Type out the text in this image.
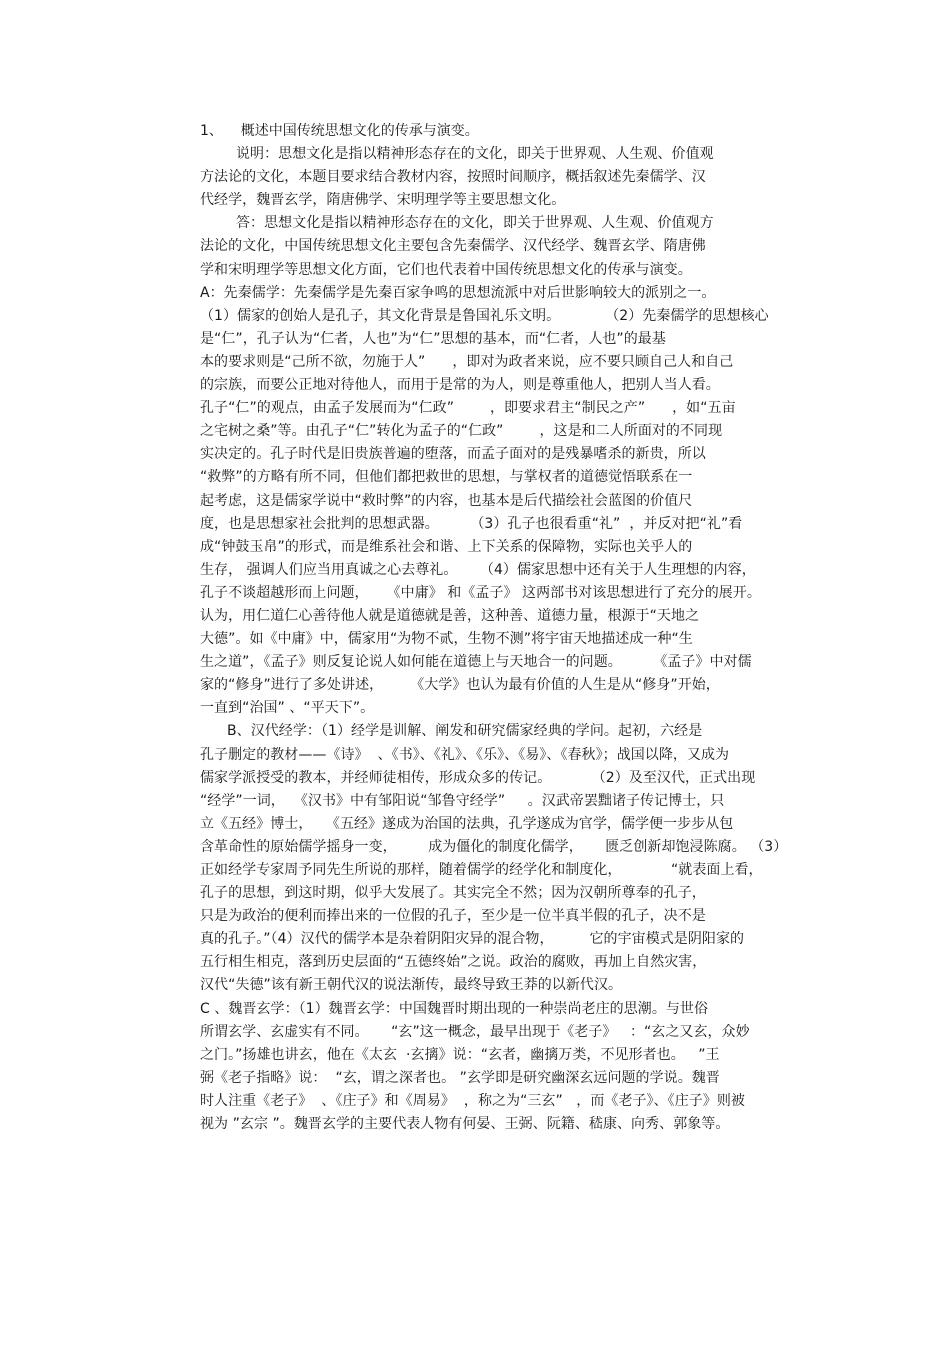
1、    概述中国传统思想文化的传承与演变。
说明：思想文化是指以精神形态存在的文化，即关于世界观、人生观、价值观
方法论的文化，本题目要求结合教材内容，按照时间顺序，概括叙述先秦儒学、汉
代经学，魏晋玄学，隋唐佛学、宋明理学等主要思想文化。
答：思想文化是指以精神形态存在的文化，即关于世界观、人生观、价值观方
法论的文化，中国传统思想文化主要包含先秦儒学、汉代经学、魏晋玄学、隋唐佛
学和宋明理学等思想文化方面，它们也代表着中国传统思想文化的传承与演变。
A：先秦儒学：先秦儒学是先秦百家争鸣的思想流派中对后世影响较大的派别之一。
（1）儒家的创始人是孔子，其文化背景是鲁国礼乐文明。          （2）先秦儒学的思想核心
是“仁”，孔子认为“仁者，人也”为“仁”思想的基本，而“仁者，人也”的最基
本的要求则是“己所不欲，勿施于人”      ，即对为政者来说，应不要只顾自己人和自己
的宗族，而要公正地对待他人，而用于是常的为人，则是尊重他人，把别人当人看。
孔子“仁”的观点，由孟子发展而为“仁政”        ，即要求君主“制民之产”      ，如“五亩
之宅树之桑”等。由孔子“仁”转化为孟子的“仁政”        ，这是和二人所面对的不同现
实决定的。孔子时代是旧贵族普遍的堕落，而孟子面对的是残暴嗜杀的新贵，所以
“救弊”的方略有所不同，但他们都把救世的思想，与掌权者的道德觉悟联系在一
起考虑，这是儒家学说中“救时弊”的内容，也基本是后代描绘社会蓝图的价值尺
度，也是思想家社会批判的思想武器。       （3）孔子也很看重“礼”  ，并反对把“礼”看
成“钟鼓玉帛”的形式，而是维系社会和谐、上下关系的保障物，实际也关乎人的
生存， 强调人们应当用真诚之心去尊礼。     （4）儒家思想中还有关于人生理想的内容，
孔子不谈超越形而上问题，    《中庸》 和《孟子》 这两部书对该思想进行了充分的展开。
认为，用仁道仁心善待他人就是道德就是善，这种善、道德力量，根源于“天地之
大德”。如《中庸》中，儒家用“为物不贰，生物不测”将宇宙天地描述成一种“生
生之道”，《孟子》则反复论说人如何能在道德上与天地合一的问题。       《孟子》中对儒
家的“修身”进行了多处讲述，      《大学》也认为最有价值的人生是从“修身”开始，
一直到“治国” 、“平天下”。
B、汉代经学：（1）经学是训解、阐发和研究儒家经典的学问。起初，六经是
孔子删定的教材——《诗》  、《书》、《礼》、《乐》、《易》、《春秋》；战国以降，又成为
儒家学派授受的教本，并经师徒相传，形成众多的传记。         （2）及至汉代，正式出现
“经学”一词，  《汉书》中有邹阳说“邹鲁守经学”     。汉武帝罢黜诸子传记博士，只
立《五经》博士，   《五经》遂成为治国的法典，孔学遂成为官学，儒学便一步步从包
含革命性的原始儒学摇身一变，       成为僵化的制度化儒学，     匮乏创新却饱浸陈腐。 （3）
正如经学专家周予同先生所说的那样，随着儒学的经学化和制度化，           “就表面上看，
孔子的思想，到这时期，似乎大发展了。其实完全不然；因为汉朝所尊奉的孔子，
只是为政治的便利而捧出来的一位假的孔子，至少是一位半真半假的孔子，决不是
真的孔子。”（4）汉代的儒学本是杂着阴阳灾异的混合物，        它的宇宙模式是阴阳家的
五行相生相克，落到历史层面的“五德终始”之说。政治的腐败，再加上自然灾害，
汉代“失德”该有新王朝代汉的说法渐传，最终导致王莽的以新代汉。
C 、魏晋玄学：（1）魏晋玄学：中国魏晋时期出现的一种崇尚老庄的思潮。与世俗
所谓玄学、玄虚实有不同。     “玄”这一概念，最早出现于《老子》   ：“玄之又玄，众妙
之门。”扬雄也讲玄，他在《太玄  ·玄摛》说：“玄者，幽摛万类，不见形者也。   ”王
弼《老子指略》说：  “玄，谓之深者也。 ”玄学即是研究幽深玄远问题的学说。魏晋
时人注重《老子》  、《庄子》和《周易》  ，称之为“三玄”   ，而《老子》、《庄子》则被
视为 ”玄宗 ”。魏晋玄学的主要代表人物有何晏、王弼、阮籍、嵇康、向秀、郭象等。
